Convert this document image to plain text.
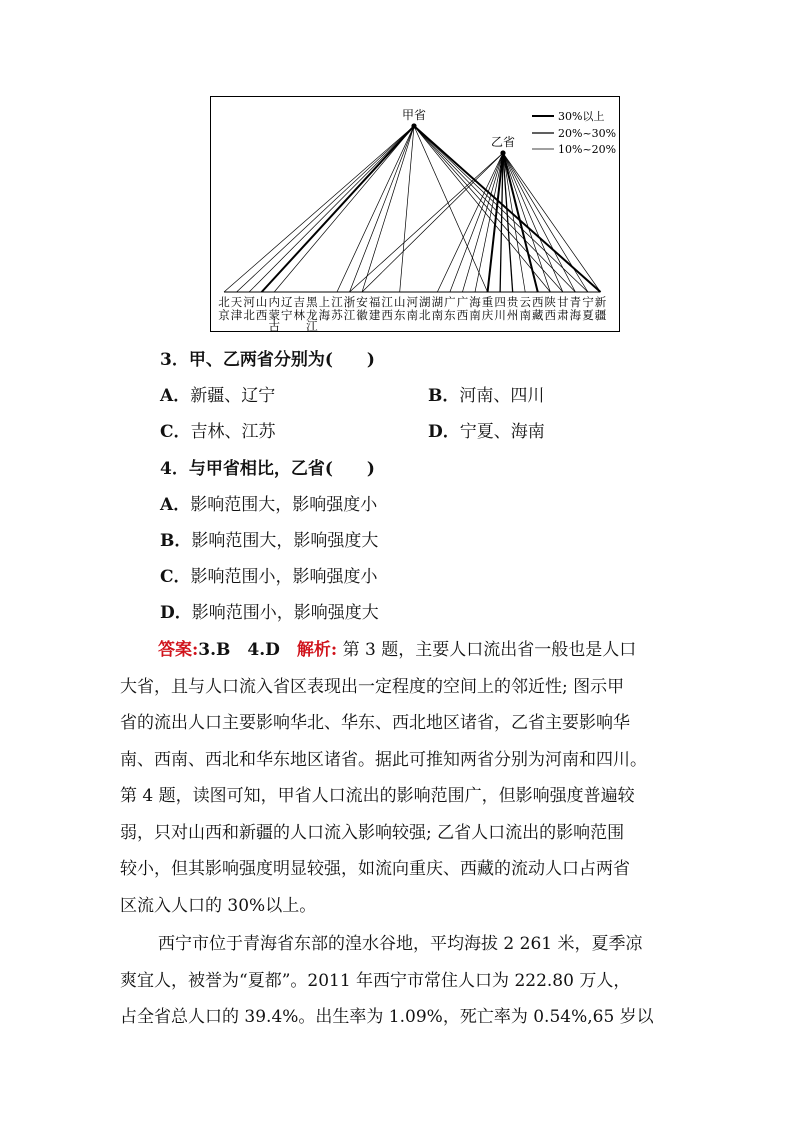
北
京
天
津
河
北
山
西
内
蒙
古
辽
宁
吉
林
黑
龙
江
上
海
江
苏
浙
江
安
徽
福
建
江
西
山
东
河
南
湖
北
湖
南
广
东
广
西
海
南
重
庆
四
川
贵
州
云
南
西
藏
陕
西
甘
肃
青
海
宁
夏
新
疆
甲省
乙省
30%以上
20%~30%
10%~20%
3．甲、乙两省分别为( )
A．新疆、辽宁	B．河南、四川
C．吉林、江苏	D．宁夏、海南
4．与甲省相比，乙省( )
A．影响范围大，影响强度小
B．影响范围大，影响强度大
C．影响范围小，影响强度小
D．影响范围小，影响强度大
答案:3.B　4.D　 解析: 第 3 题，主要人口流出省一般也是人口
大省，且与人口流入省区表现出一定程度的空间上的邻近性; 图示甲
省的流出人口主要影响华北、华东、西北地区诸省，乙省主要影响华
南、西南、西北和华东地区诸省。据此可推知两省分别为河南和四川。
第 4 题，读图可知，甲省人口流出的影响范围广，但影响强度普遍较
弱，只对山西和新疆的人口流入影响较强; 乙省人口流出的影响范围
较小，但其影响强度明显较强，如流向重庆、西藏的流动人口占两省
区流入人口的 30%以上。
西宁市位于青海省东部的湟水谷地，平均海拔 2 261 米，夏季凉
爽宜人，被誉为“夏都”。2011 年西宁市常住人口为 222.80 万人，
占全省总人口的 39.4%。出生率为 1.09%，死亡率为 0.54%,65 岁以
